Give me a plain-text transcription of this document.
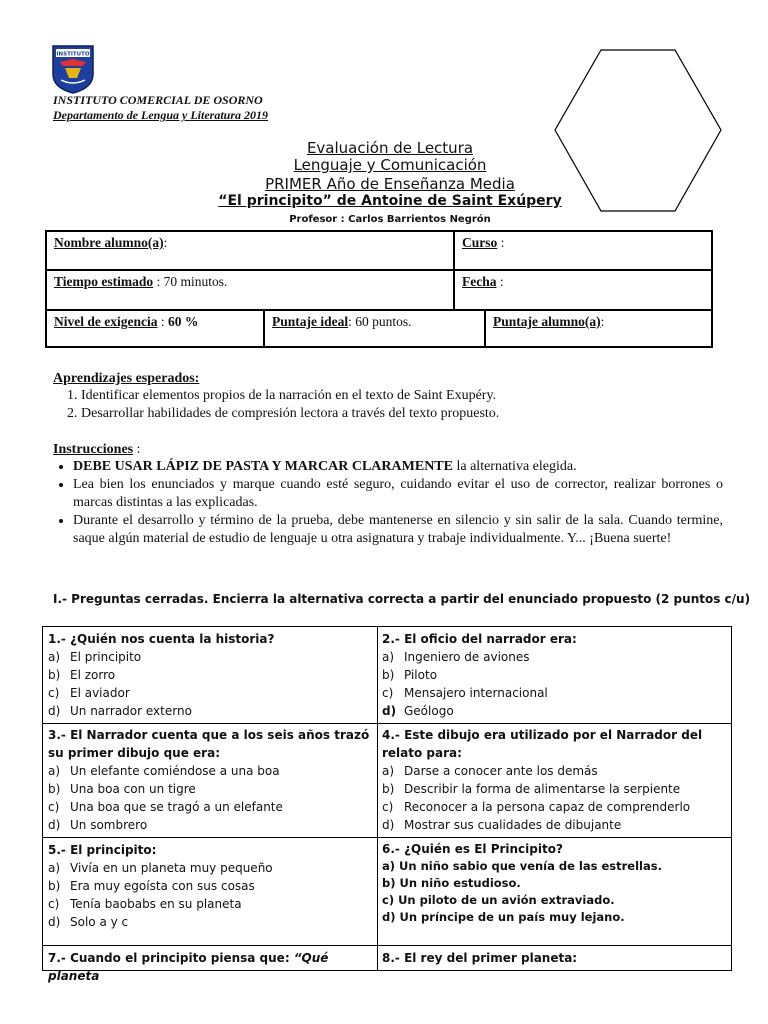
INSTITUTO
INSTITUTO COMERCIAL DE OSORNO
Departamento de Lengua y Literatura 2019
Evaluación de Lectura
Lenguaje y Comunicación
PRIMER Año de Enseñanza Media
“El principito” de Antoine de Saint Exúpery
Profesor : Carlos Barrientos Negrón
Nombre alumno(a):	Curso :
Tiempo estimado : 70 minutos.	Fecha :
Nivel de exigencia : 60 %	Puntaje ideal: 60 puntos.	Puntaje alumno(a):
Aprendizajes esperados:
1. Identificar elementos propios de la narración en el texto de Saint Exupéry.
2. Desarrollar habilidades de compresión lectora a través del texto propuesto.
Instrucciones :
• DEBE USAR LÁPIZ DE PASTA Y MARCAR CLARAMENTE la alternativa elegida.
• Lea bien los enunciados y marque cuando esté seguro, cuidando evitar el uso de corrector, realizar borrones o marcas distintas a las explicadas.
• Durante el desarrollo y término de la prueba, debe mantenerse en silencio y sin salir de la sala. Cuando termine, saque algún material de estudio de lenguaje u otra asignatura y trabaje individualmente. Y... ¡Buena suerte!
I.- Preguntas cerradas. Encierra la alternativa correcta a partir del enunciado propuesto (2 puntos c/u)
1.- ¿Quién nos cuenta la historia?
a) El principito
b) El zorro
c) El aviador
d) Un narrador externo
2.- El oficio del narrador era:
a) Ingeniero de aviones
b) Piloto
c) Mensajero internacional
d) Geólogo
3.- El Narrador cuenta que a los seis años trazó su primer dibujo que era:
a) Un elefante comiéndose a una boa
b) Una boa con un tigre
c) Una boa que se tragó a un elefante
d) Un sombrero
4.- Este dibujo era utilizado por el Narrador del relato para:
a) Darse a conocer ante los demás
b) Describir la forma de alimentarse la serpiente
c) Reconocer a la persona capaz de comprenderlo
d) Mostrar sus cualidades de dibujante
5.- El principito:
a) Vivía en un planeta muy pequeño
b) Era muy egoísta con sus cosas
c) Tenía baobabs en su planeta
d) Solo a y c
6.- ¿Quién es El Principito?
a) Un niño sabio que venía de las estrellas.
b) Un niño estudioso.
c) Un piloto de un avión extraviado.
d) Un príncipe de un país muy lejano.
7.- Cuando el principito piensa que: “Qué planeta
8.- El rey del primer planeta:
